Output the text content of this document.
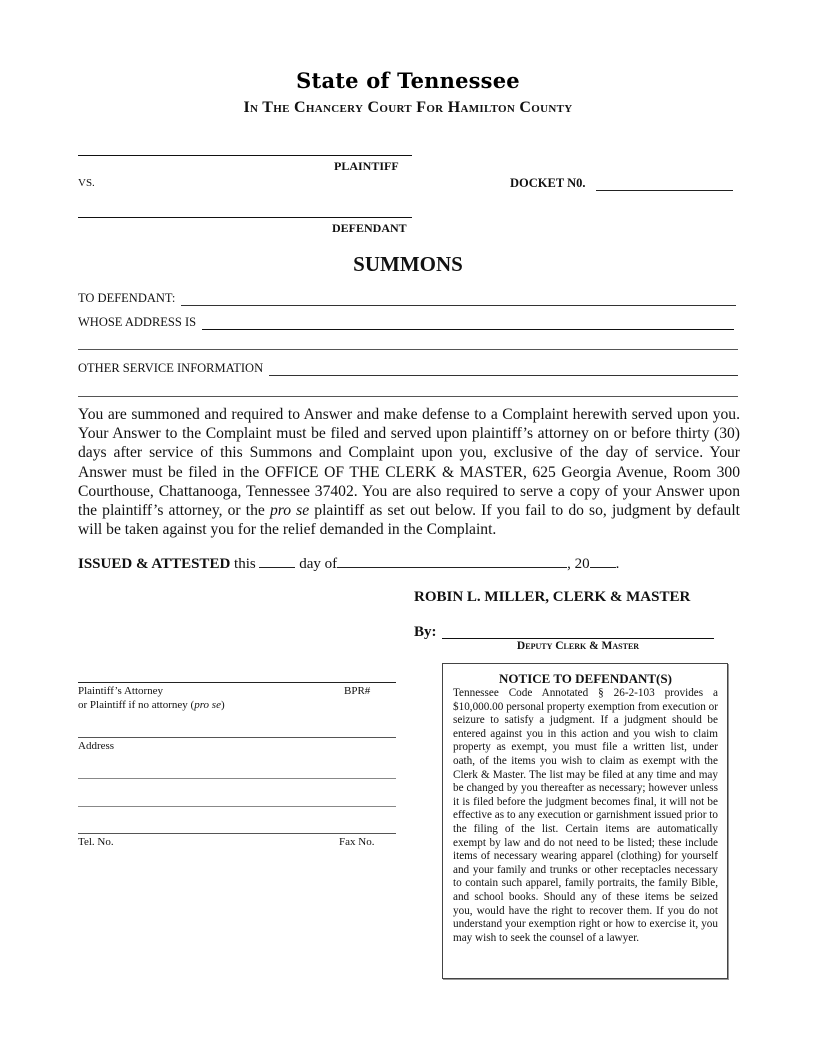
State of Tennessee
In The Chancery Court For Hamilton County
PLAINTIFF
VS.	DOCKET N0.
DEFENDANT
SUMMONS
TO DEFENDANT:
WHOSE ADDRESS IS
OTHER SERVICE INFORMATION
You are summoned and required to Answer and make defense to a Complaint herewith served upon you. Your Answer to the Complaint must be filed and served upon plaintiff’s attorney on or before thirty (30) days after service of this Summons and Complaint upon you, exclusive of the day of service. Your Answer must be filed in the OFFICE OF THE CLERK & MASTER, 625 Georgia Avenue, Room 300 Courthouse, Chattanooga, Tennessee 37402. You are also required to serve a copy of your Answer upon the plaintiff’s attorney, or the pro se plaintiff as set out below. If you fail to do so, judgment by default will be taken against you for the relief demanded in the Complaint.
ISSUED & ATTESTED this  day of	, 20 .
ROBIN L. MILLER, CLERK & MASTER
By:
Deputy Clerk & Master
Plaintiff’s Attorney	BPR#
or Plaintiff if no attorney (pro se)
Address
Tel. No.	Fax No.
NOTICE TO DEFENDANT(S)
Tennessee Code Annotated § 26-2-103 provides a $10,000.00 personal property exemption from execution or seizure to satisfy a judgment. If a judgment should be entered against you in this action and you wish to claim property as exempt, you must file a written list, under oath, of the items you wish to claim as exempt with the Clerk & Master. The list may be filed at any time and may be changed by you thereafter as necessary; however unless it is filed before the judgment becomes final, it will not be effective as to any execution or garnishment issued prior to the filing of the list. Certain items are automatically exempt by law and do not need to be listed; these include items of necessary wearing apparel (clothing) for yourself and your family and trunks or other receptacles necessary to contain such apparel, family portraits, the family Bible, and school books. Should any of these items be seized you, would have the right to recover them. If you do not understand your exemption right or how to exercise it, you may wish to seek the counsel of a lawyer.
